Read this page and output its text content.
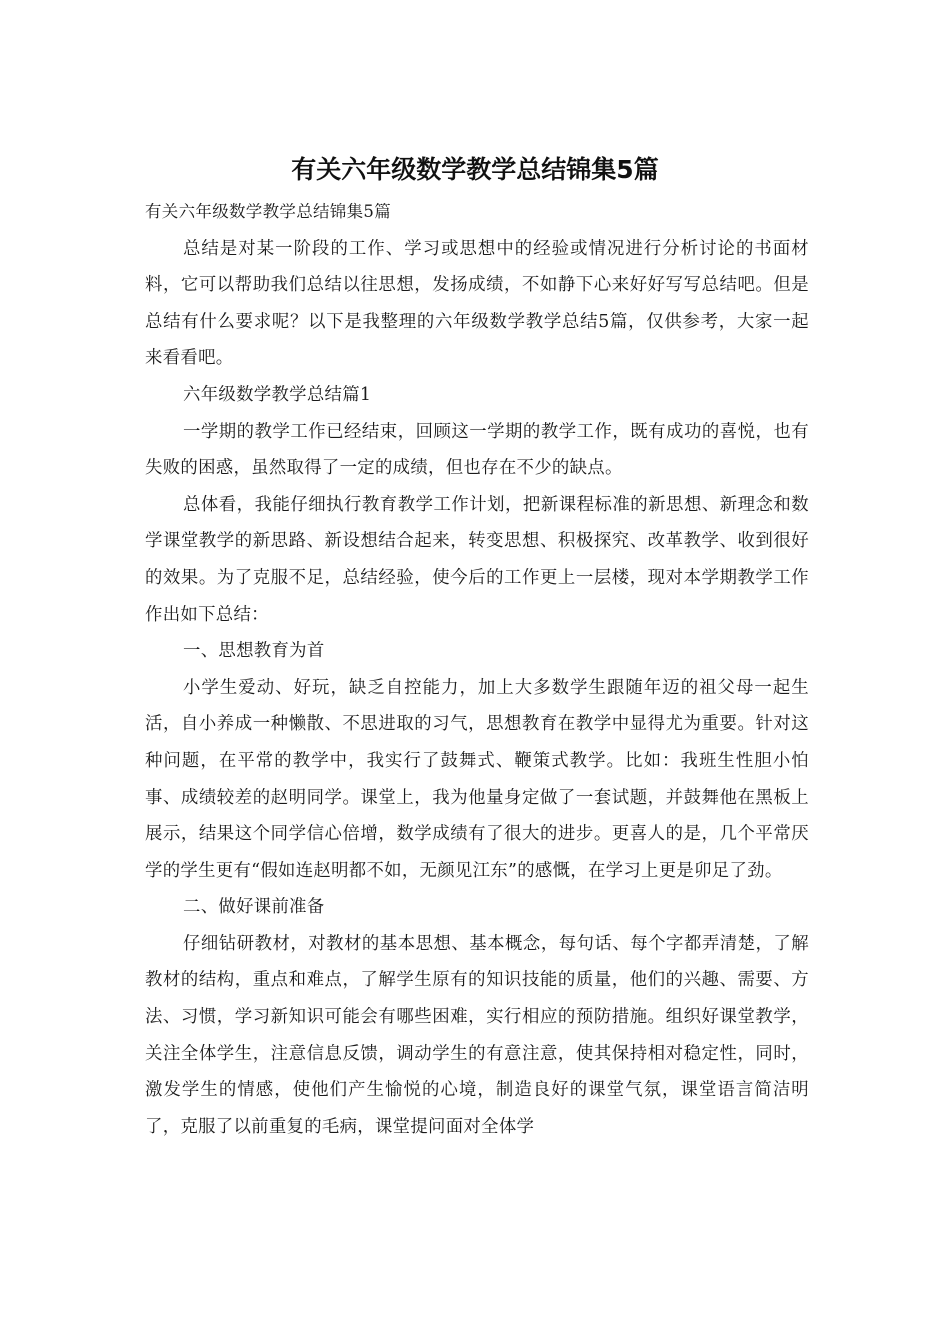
有关六年级数学教学总结锦集5篇

有关六年级数学教学总结锦集5篇

总结是对某一阶段的工作、学习或思想中的经验或情况进行分析讨论的书面材料，它可以帮助我们总结以往思想，发扬成绩，不如静下心来好好写写总结吧。但是总结有什么要求呢？以下是我整理的六年级数学教学总结5篇，仅供参考，大家一起来看看吧。

六年级数学教学总结篇1

一学期的教学工作已经结束，回顾这一学期的教学工作，既有成功的喜悦，也有失败的困惑，虽然取得了一定的成绩，但也存在不少的缺点。

总体看，我能仔细执行教育教学工作计划，把新课程标准的新思想、新理念和数学课堂教学的新思路、新设想结合起来，转变思想、积极探究、改革教学、收到很好的效果。为了克服不足，总结经验，使今后的工作更上一层楼，现对本学期教学工作作出如下总结：

一、思想教育为首

小学生爱动、好玩，缺乏自控能力，加上大多数学生跟随年迈的祖父母一起生活，自小养成一种懒散、不思进取的习气，思想教育在教学中显得尤为重要。针对这种问题，在平常的教学中，我实行了鼓舞式、鞭策式教学。比如：我班生性胆小怕事、成绩较差的赵明同学。课堂上，我为他量身定做了一套试题，并鼓舞他在黑板上展示，结果这个同学信心倍增，数学成绩有了很大的进步。更喜人的是，几个平常厌学的学生更有“假如连赵明都不如，无颜见江东”的感慨，在学习上更是卯足了劲。

二、做好课前准备

仔细钻研教材，对教材的基本思想、基本概念，每句话、每个字都弄清楚，了解教材的结构，重点和难点，了解学生原有的知识技能的质量，他们的兴趣、需要、方法、习惯，学习新知识可能会有哪些困难，实行相应的预防措施。组织好课堂教学，关注全体学生，注意信息反馈，调动学生的有意注意，使其保持相对稳定性，同时，激发学生的情感，使他们产生愉悦的心境，制造良好的课堂气氛，课堂语言简洁明了，克服了以前重复的毛病，课堂提问面对全体学
